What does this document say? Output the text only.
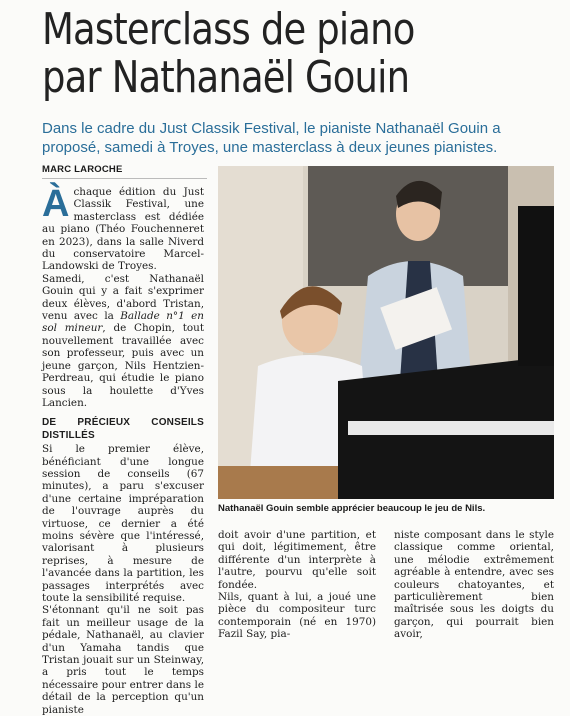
Masterclass de piano par Nathanaël Gouin

Dans le cadre du Just Classik Festival, le pianiste Nathanaël Gouin a proposé, samedi à Troyes, une masterclass à deux jeunes pianistes.

MARC LAROCHE

À chaque édition du Just Classik Festival, une masterclass est dédiée au piano (Théo Fouchenneret en 2023), dans la salle Niverd du conservatoire Marcel-Landowski de Troyes.

Samedi, c'est Nathanaël Gouin qui y a fait s'exprimer deux élèves, d'abord Tristan, venu avec la Ballade n°1 en sol mineur, de Chopin, tout nouvellement travaillée avec son professeur, puis avec un jeune garçon, Nils Hentzien-Perdreau, qui étudie le piano sous la houlette d'Yves Lancien.

DE PRÉCIEUX CONSEILS DISTILLÉS

Si le premier élève, bénéficiant d'une longue session de conseils (67 minutes), a paru s'excuser d'une certaine impréparation de l'ouvrage auprès du virtuose, ce dernier a été moins sévère que l'intéressé, valorisant à plusieurs reprises, à mesure de l'avancée dans la partition, les passages interprétés avec toute la sensibilité requise.

S'étonnant qu'il ne soit pas fait un meilleur usage de la pédale, Nathanaël, au clavier d'un Yamaha tandis que Tristan jouait sur un Steinway, a pris tout le temps nécessaire pour entrer dans le détail de la perception qu'un pianiste

Nathanaël Gouin semble apprécier beaucoup le jeu de Nils.

doit avoir d'une partition, et qui doit, légitimement, être différente d'un interprète à l'autre, pourvu qu'elle soit fondée.

Nils, quant à lui, a joué une pièce du compositeur turc contemporain (né en 1970) Fazil Say, pia-

niste composant dans le style classique comme oriental, une mélodie extrêmement agréable à entendre, avec ses couleurs chatoyantes, et particulièrement bien maîtrisée sous les doigts du garçon, qui pourrait bien avoir,
